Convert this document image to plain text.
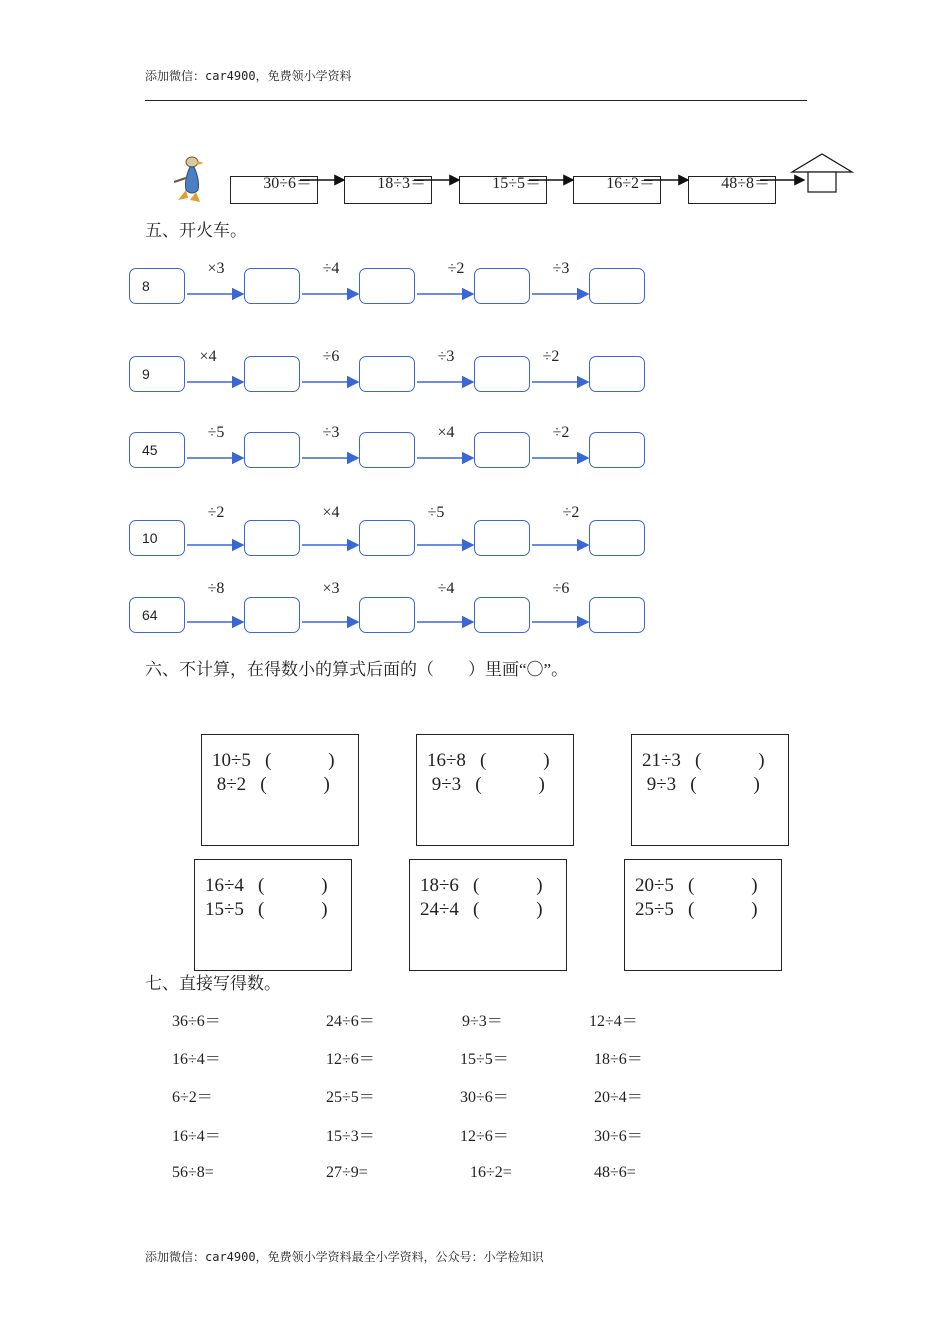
添加微信：car4900，免费领小学资料
30÷6＝	18÷3＝	15÷5＝	16÷2＝	48÷8＝
五、开火车。
8
×3	÷4	÷2	÷3
9
×4	÷6	÷3	÷2
45
÷5	÷3	×4	÷2
10
÷2	×4	÷5	÷2
64
÷8	×3	÷4	÷6
六、不计算，在得数小的算式后面的（　　）里画“〇”。
10÷5 (　　　)
8÷2 (　　　)
16÷8 (　　　)
9÷3 (　　　)
21÷3 (　　　)
9÷3 (　　　)
16÷4 (　　　)
15÷5 (　　　)
18÷6 (　　　)
24÷4 (　　　)
20÷5 (　　　)
25÷5 (　　　)
七、直接写得数。
36÷6＝	24÷6＝	9÷3＝	12÷4＝
16÷4＝	12÷6＝	15÷5＝	18÷6＝
6÷2＝	25÷5＝	30÷6＝	20÷4＝
16÷4＝	15÷3＝	12÷6＝	30÷6＝
56÷8=	27÷9=	16÷2=	48÷6=
添加微信：car4900，免费领小学资料最全小学资料，公众号：小学检知识
